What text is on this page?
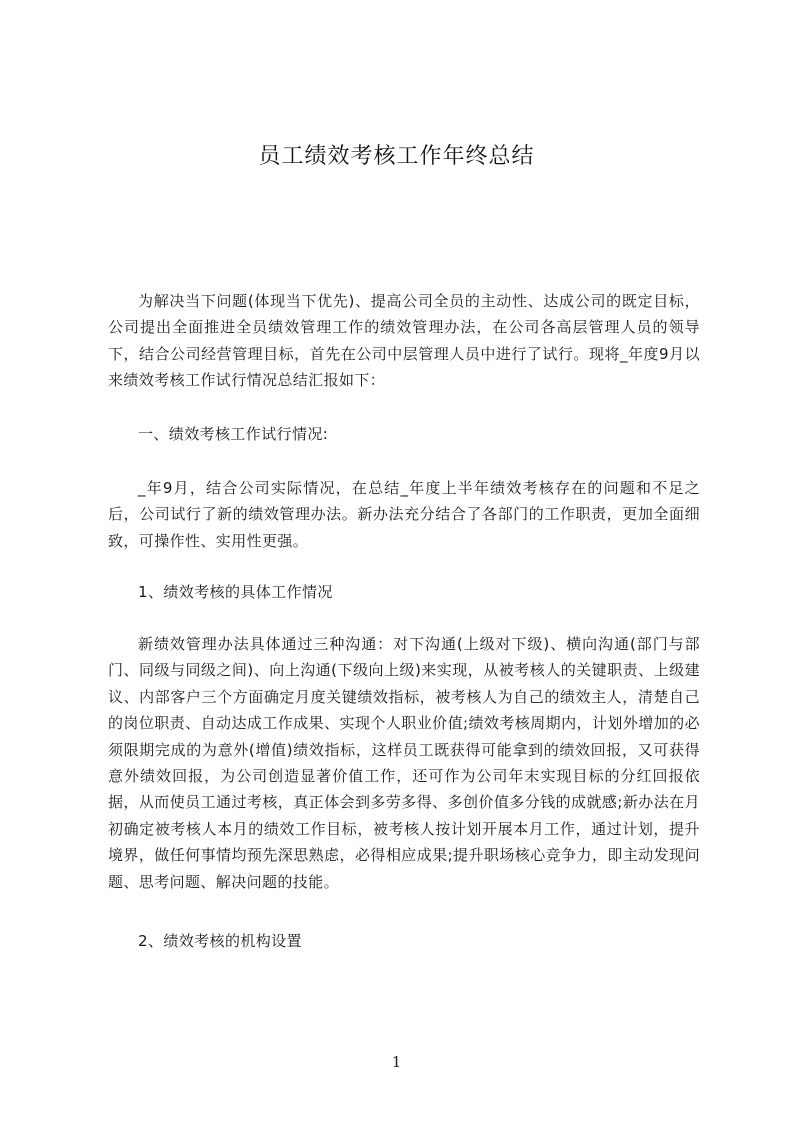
员工绩效考核工作年终总结

为解决当下问题(体现当下优先)、提高公司全员的主动性、达成公司的既定目标，公司提出全面推进全员绩效管理工作的绩效管理办法，在公司各高层管理人员的领导下，结合公司经营管理目标，首先在公司中层管理人员中进行了试行。现将_年度9月以来绩效考核工作试行情况总结汇报如下：

一、绩效考核工作试行情况:

_年9月，结合公司实际情况，在总结_年度上半年绩效考核存在的问题和不足之后，公司试行了新的绩效管理办法。新办法充分结合了各部门的工作职责，更加全面细致，可操作性、实用性更强。

1、绩效考核的具体工作情况

新绩效管理办法具体通过三种沟通：对下沟通(上级对下级)、横向沟通(部门与部门、同级与同级之间)、向上沟通(下级向上级)来实现，从被考核人的关键职责、上级建议、内部客户三个方面确定月度关键绩效指标，被考核人为自己的绩效主人，清楚自己的岗位职责、自动达成工作成果、实现个人职业价值;绩效考核周期内，计划外增加的必须限期完成的为意外(增值)绩效指标，这样员工既获得可能拿到的绩效回报，又可获得意外绩效回报，为公司创造显著价值工作，还可作为公司年末实现目标的分红回报依据，从而使员工通过考核，真正体会到多劳多得、多创价值多分钱的成就感;新办法在月初确定被考核人本月的绩效工作目标，被考核人按计划开展本月工作，通过计划，提升境界，做任何事情均预先深思熟虑，必得相应成果;提升职场核心竞争力，即主动发现问题、思考问题、解决问题的技能。

2、绩效考核的机构设置

1
